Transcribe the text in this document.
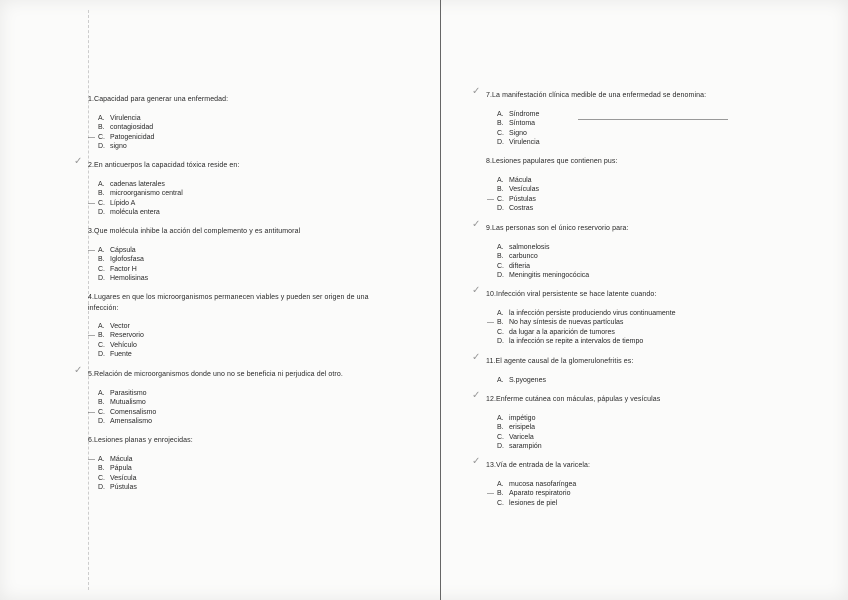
1.Capacidad para generar una enfermedad:
A. Virulencia
B. contagiosidad
C. Patogenicidad
—
D. signo
2.En anticuerpos la capacidad tóxica reside en:
✓
A. cadenas laterales
B. microorganismo central
C. Lípido A
—
D. molécula entera
3.Que molécula inhibe la acción del complemento y es antitumoral
A. Cápsula
—
B. Iglofosfasa
C. Factor H
D. Hemolisinas
4.Lugares en que los microorganismos permanecen viables y pueden ser origen de una
infección:
A. Vector
B. Reservorio
—
C. Vehículo
D. Fuente
5.Relación de microorganismos donde uno no se beneficia ni perjudica del otro.
✓
A. Parasitismo
B. Mutualismo
C. Comensalismo
—
D. Amensalismo
6.Lesiones planas y enrojecidas:
A. Mácula
—
B. Pápula
C. Vesícula
D. Pústulas
7.La manifestación clínica medible de una enfermedad se denomina:
✓
A. Síndrome
B. Síntoma
C. Signo
D. Virulencia
8.Lesiones papulares que contienen pus:
A. Mácula
B. Vesículas
C. Pústulas
—
D. Costras
9.Las personas son el único reservorio para:
✓
A. salmonelosis
B. carbunco
C. difteria
D. Meningitis meningocócica
10.Infección viral persistente se hace latente cuando:
✓
A. la infección persiste produciendo virus continuamente
B. No hay síntesis de nuevas partículas
—
C. da lugar a la aparición de tumores
D. la infección se repite a intervalos de tiempo
11.El agente causal de la glomerulonefritis es:
✓
A. S.pyogenes
12.Enferme cutánea con máculas, pápulas y vesículas
✓
A. impétigo
B. erisipela
C. Varicela
D. sarampión
13.Vía de entrada de la varicela:
✓
A. mucosa nasofaríngea
B. Aparato respiratorio
—
C. lesiones de piel
